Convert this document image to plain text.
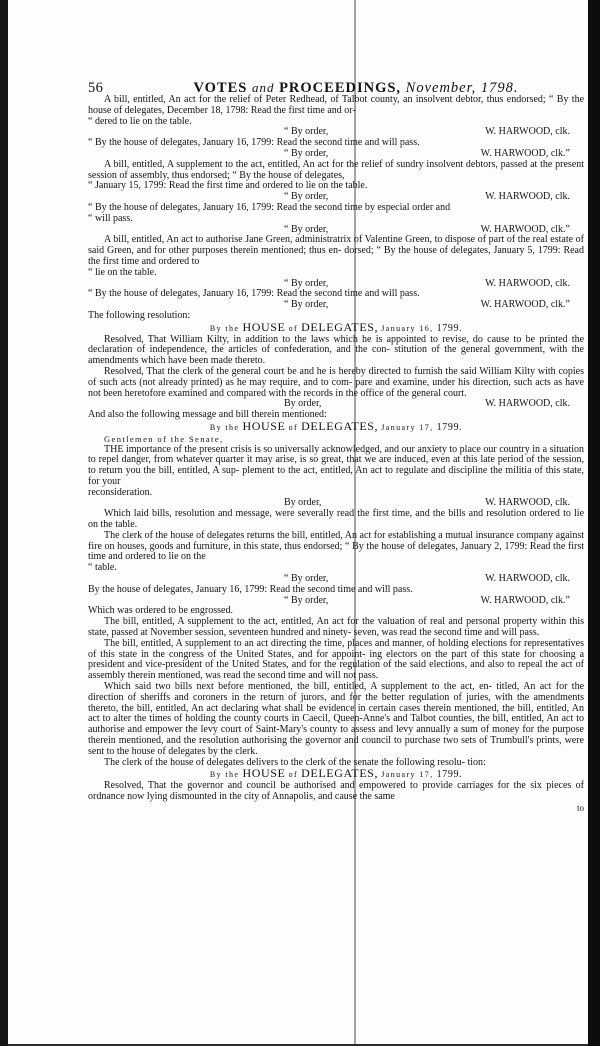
56	VOTES and PROCEEDINGS, November, 1798.

A bill, entitled, An act for the relief of Peter Redhead, of Talbot county, an insolvent debtor, thus endorsed; “ By the house of delegates, December 18, 1798: Read the first time and or-

“ dered to lie on the table.

“ By order,	W. HARWOOD, clk.

“ By the house of delegates, January 16, 1799: Read the second time and will pass.

“ By order,	W. HARWOOD, clk.”

A bill, entitled, A supplement to the act, entitled, An act for the relief of sundry insolvent debtors, passed at the present session of assembly, thus endorsed; “ By the house of delegates,

“ January 15, 1799: Read the first time and ordered to lie on the table.

“ By order,	W. HARWOOD, clk.

“ By the house of delegates, January 16, 1799: Read the second time by especial order and

“ will pass.

“ By order,	W. HARWOOD, clk.”

A bill, entitled, An act to authorise Jane Green, administratrix of Valentine Green, to dispose of part of the real estate of said Green, and for other purposes therein mentioned; thus en- dorsed; “ By the house of delegates, January 5, 1799: Read the first time and ordered to

“ lie on the table.

“ By order,	W. HARWOOD, clk.

“ By the house of delegates, January 16, 1799: Read the second time and will pass.

“ By order,	W. HARWOOD, clk.”

The following resolution:

By the HOUSE of DELEGATES, January 16, 1799.

Resolved, That William Kilty, in addition to the laws which he is appointed to revise, do cause to be printed the declaration of independence, the articles of confederation, and the con- stitution of the general government, with the amendments which have been made thereto.

Resolved, That the clerk of the general court be and he is hereby directed to furnish the said William Kilty with copies of such acts (not already printed) as he may require, and to com- pare and examine, under his direction, such acts as have not been heretofore examined and compared with the records in the office of the general court.

By order,	W. HARWOOD, clk.

And also the following message and bill therein mentioned:

By the HOUSE of DELEGATES, January 17, 1799.

Gentlemen of the Senate,

THE importance of the present crisis is so universally acknowledged, and our anxiety to place our country in a situation to repel danger, from whatever quarter it may arise, is so great, that we are induced, even at this late period of the session, to return you the bill, entitled, A sup- plement to the act, entitled, An act to regulate and discipline the militia of this state, for your

reconsideration.

By order,	W. HARWOOD, clk.

Which laid bills, resolution and message, were severally read the first time, and the bills and resolution ordered to lie on the table.

The clerk of the house of delegates returns the bill, entitled, An act for establishing a mutual insurance company against fire on houses, goods and furniture, in this state, thus endorsed; “ By the house of delegates, January 2, 1799: Read the first time and ordered to lie on the

“ table.

“ By order,	W. HARWOOD, clk.

By the house of delegates, January 16, 1799: Read the second time and will pass.

“ By order,	W. HARWOOD, clk.”

Which was ordered to be engrossed.

The bill, entitled, A supplement to the act, entitled, An act for the valuation of real and personal property within this state, passed at November session, seventeen hundred and ninety- seven, was read the second time and will pass.

The bill, entitled, A supplement to an act directing the time, places and manner, of holding elections for representatives of this state in the congress of the United States, and for appoint- ing electors on the part of this state for choosing a president and vice-president of the United States, and for the regulation of the said elections, and also to repeal the act of assembly therein mentioned, was read the second time and will not pass.

Which said two bills next before mentioned, the bill, entitled, A supplement to the act, en- titled, An act for the direction of sheriffs and coroners in the return of jurors, and for the better regulation of juries, with the amendments thereto, the bill, entitled, An act declaring what shall be evidence in certain cases therein mentioned, the bill, entitled, An act to alter the times of holding the county courts in Caecil, Queen-Anne's and Talbot counties, the bill, entitled, An act to authorise and empower the levy court of Saint-Mary's county to assess and levy annually a sum of money for the purpose therein mentioned, and the resolution authorising the governor and council to purchase two sets of Trumbull's prints, were sent to the house of delegates by the clerk.

The clerk of the house of delegates delivers to the clerk of the senate the following resolu- tion:

By the HOUSE of DELEGATES, January 17, 1799.

Resolved, That the governor and council be authorised and empowered to provide carriages for the six pieces of ordnance now lying dismounted in the city of Annapolis, and cause the same

to
